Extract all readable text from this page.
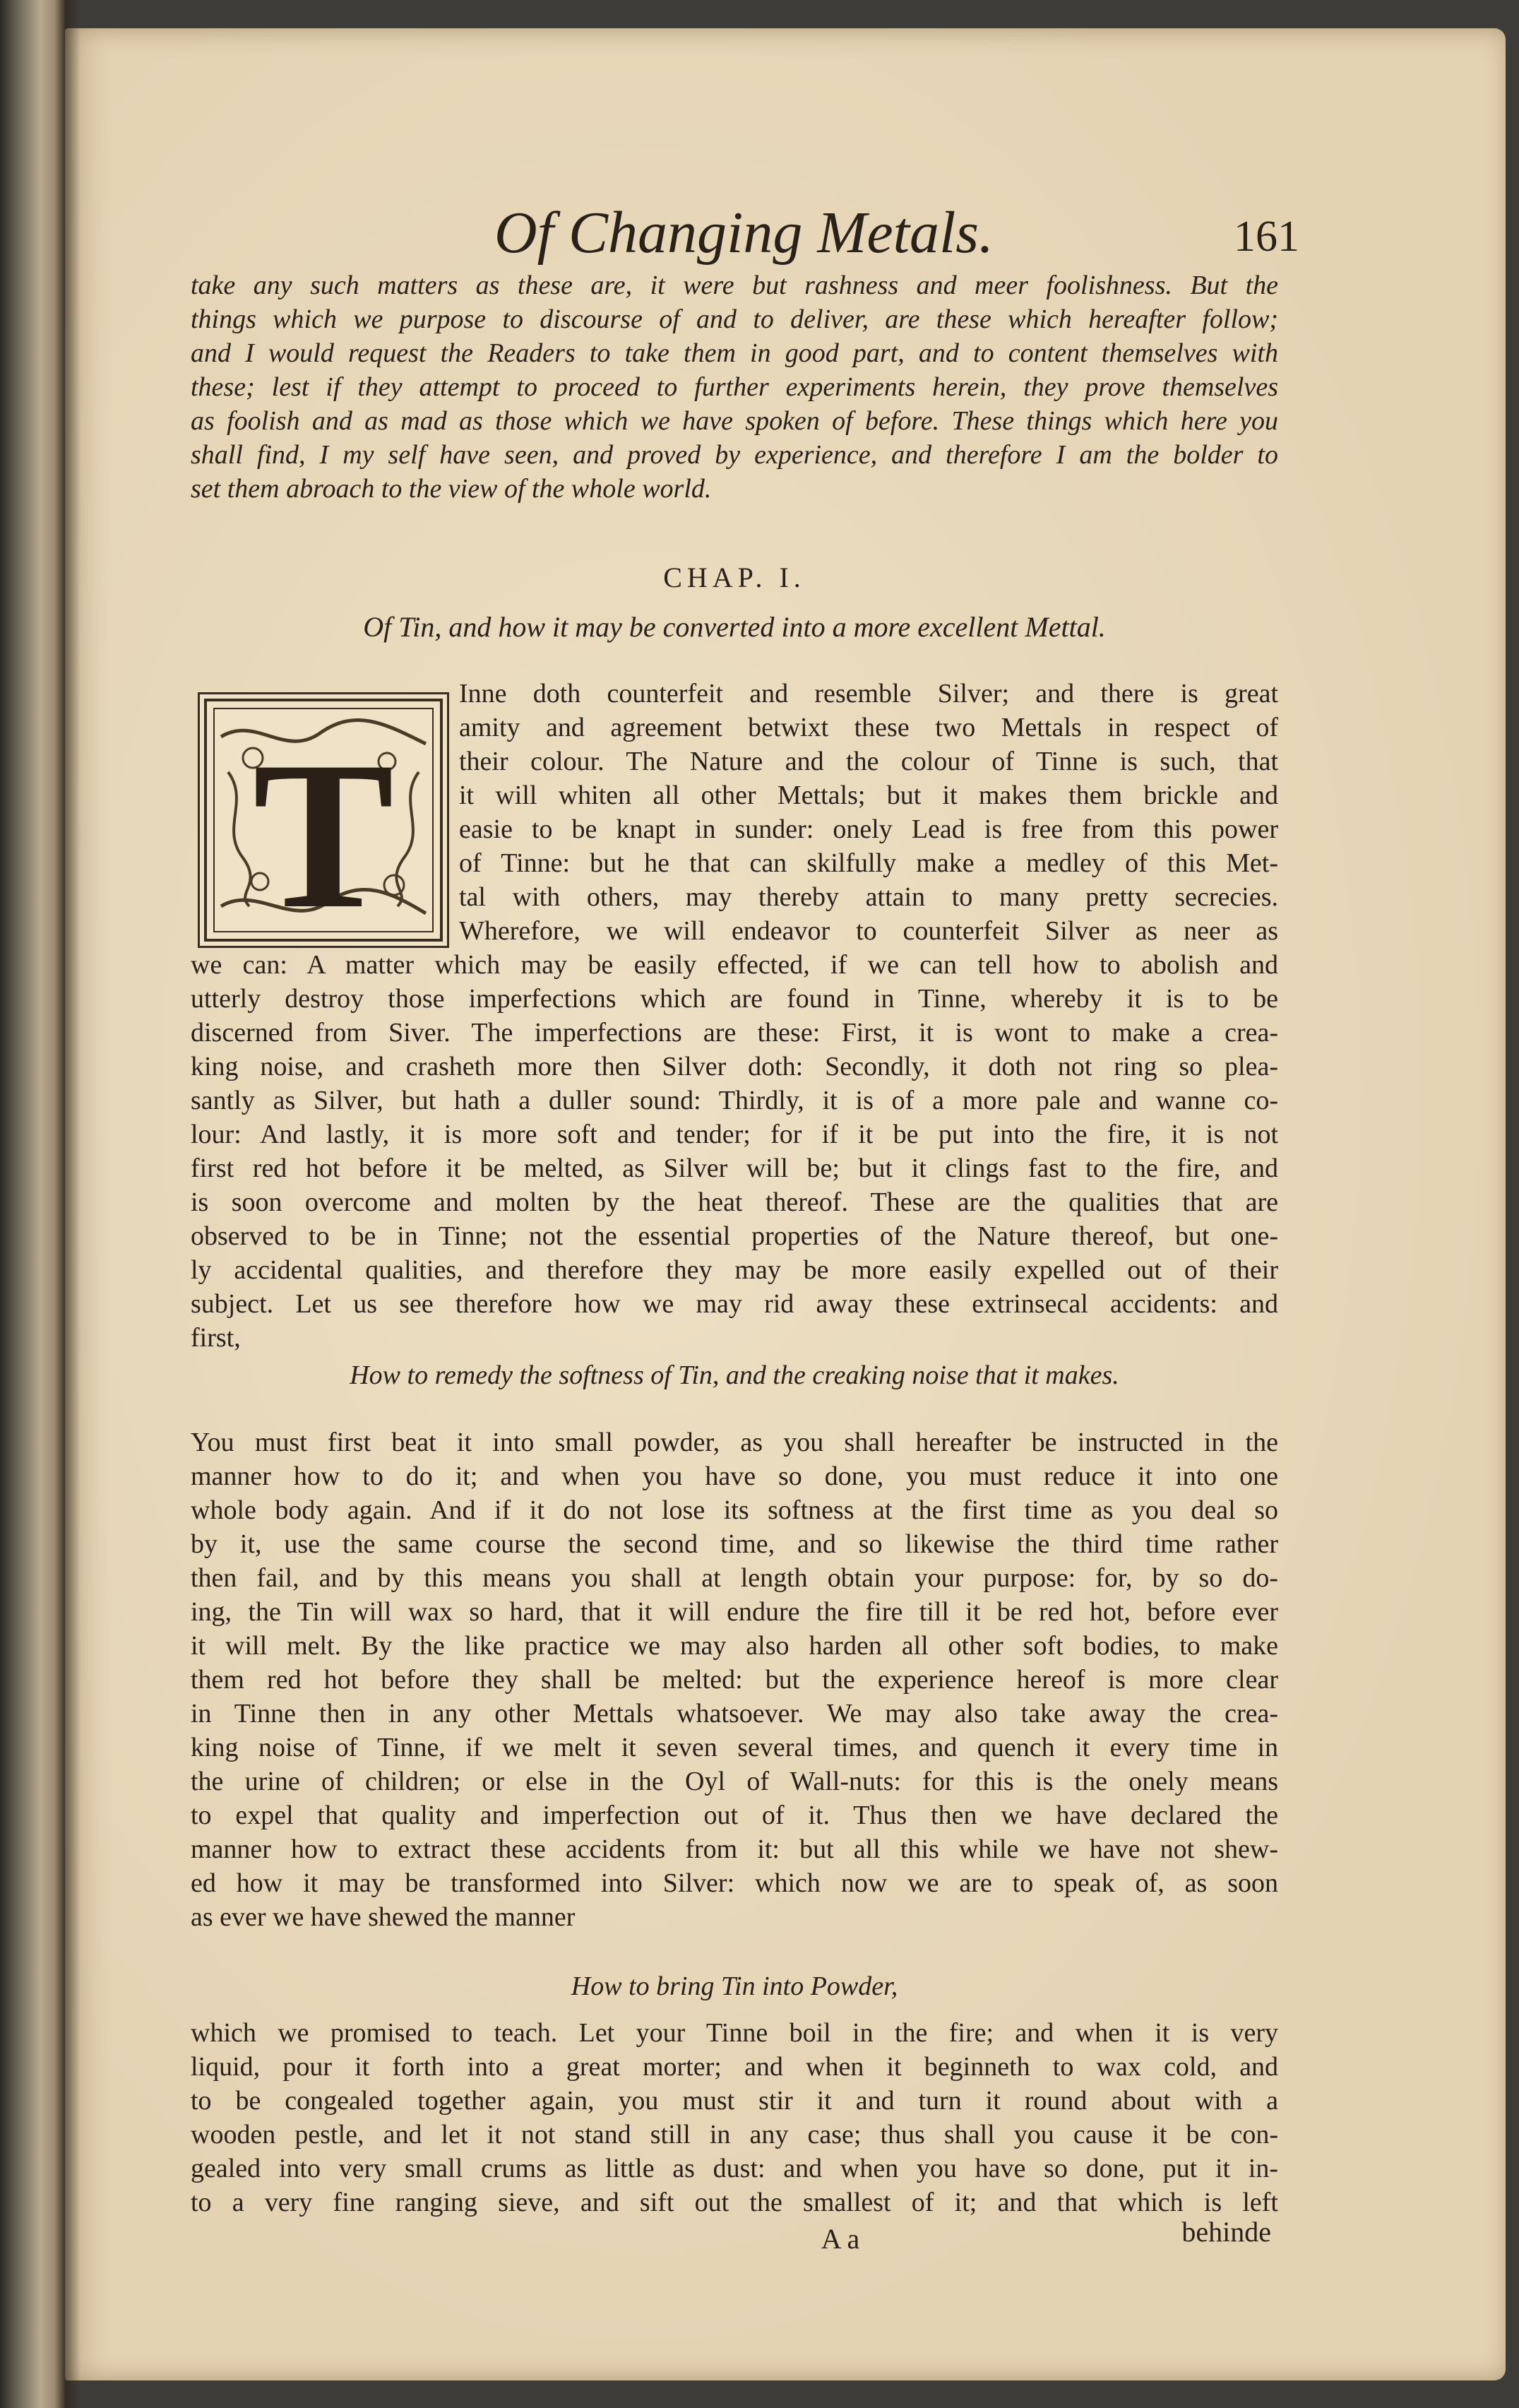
Of Changing Metals.	161
take any such matters as these are, it were but rashness and meer foolishness. But the
things which we purpose to discourse of and to deliver, are these which hereafter follow;
and I would request the Readers to take them in good part, and to content themselves with
these; lest if they attempt to proceed to further experiments herein, they prove themselves
as foolish and as mad as those which we have spoken of before. These things which here you
shall find, I my self have seen, and proved by experience, and therefore I am the bolder to
set them abroach to the view of the whole world.
CHAP. I.
Of Tin, and how it may be converted into a more excellent Mettal.
T
Inne doth counterfeit and resemble Silver; and there is great
amity and agreement betwixt these two Mettals in respect of
their colour. The Nature and the colour of Tinne is such, that
it will whiten all other Mettals; but it makes them brickle and
easie to be knapt in sunder: onely Lead is free from this power
of Tinne: but he that can skilfully make a medley of this Met-
tal with others, may thereby attain to many pretty secrecies.
Wherefore, we will endeavor to counterfeit Silver as neer as
we can: A matter which may be easily effected, if we can tell how to abolish and
utterly destroy those imperfections which are found in Tinne, whereby it is to be
discerned from Siver. The imperfections are these: First, it is wont to make a crea-
king noise, and crasheth more then Silver doth: Secondly, it doth not ring so plea-
santly as Silver, but hath a duller sound: Thirdly, it is of a more pale and wanne co-
lour: And lastly, it is more soft and tender; for if it be put into the fire, it is not
first red hot before it be melted, as Silver will be; but it clings fast to the fire, and
is soon overcome and molten by the heat thereof. These are the qualities that are
observed to be in Tinne; not the essential properties of the Nature thereof, but one-
ly accidental qualities, and therefore they may be more easily expelled out of their
subject. Let us see therefore how we may rid away these extrinsecal accidents: and
first,
How to remedy the softness of Tin, and the creaking noise that it makes.
You must first beat it into small powder, as you shall hereafter be instructed in the
manner how to do it; and when you have so done, you must reduce it into one
whole body again. And if it do not lose its softness at the first time as you deal so
by it, use the same course the second time, and so likewise the third time rather
then fail, and by this means you shall at length obtain your purpose: for, by so do-
ing, the Tin will wax so hard, that it will endure the fire till it be red hot, before ever
it will melt. By the like practice we may also harden all other soft bodies, to make
them red hot before they shall be melted: but the experience hereof is more clear
in Tinne then in any other Mettals whatsoever. We may also take away the crea-
king noise of Tinne, if we melt it seven several times, and quench it every time in
the urine of children; or else in the Oyl of Wall-nuts: for this is the onely means
to expel that quality and imperfection out of it. Thus then we have declared the
manner how to extract these accidents from it: but all this while we have not shew-
ed how it may be transformed into Silver: which now we are to speak of, as soon
as ever we have shewed the manner
How to bring Tin into Powder,
which we promised to teach. Let your Tinne boil in the fire; and when it is very
liquid, pour it forth into a great morter; and when it beginneth to wax cold, and
to be congealed together again, you must stir it and turn it round about with a
wooden pestle, and let it not stand still in any case; thus shall you cause it be con-
gealed into very small crums as little as dust: and when you have so done, put it in-
to a very fine ranging sieve, and sift out the smallest of it; and that which is left
A a	behinde
